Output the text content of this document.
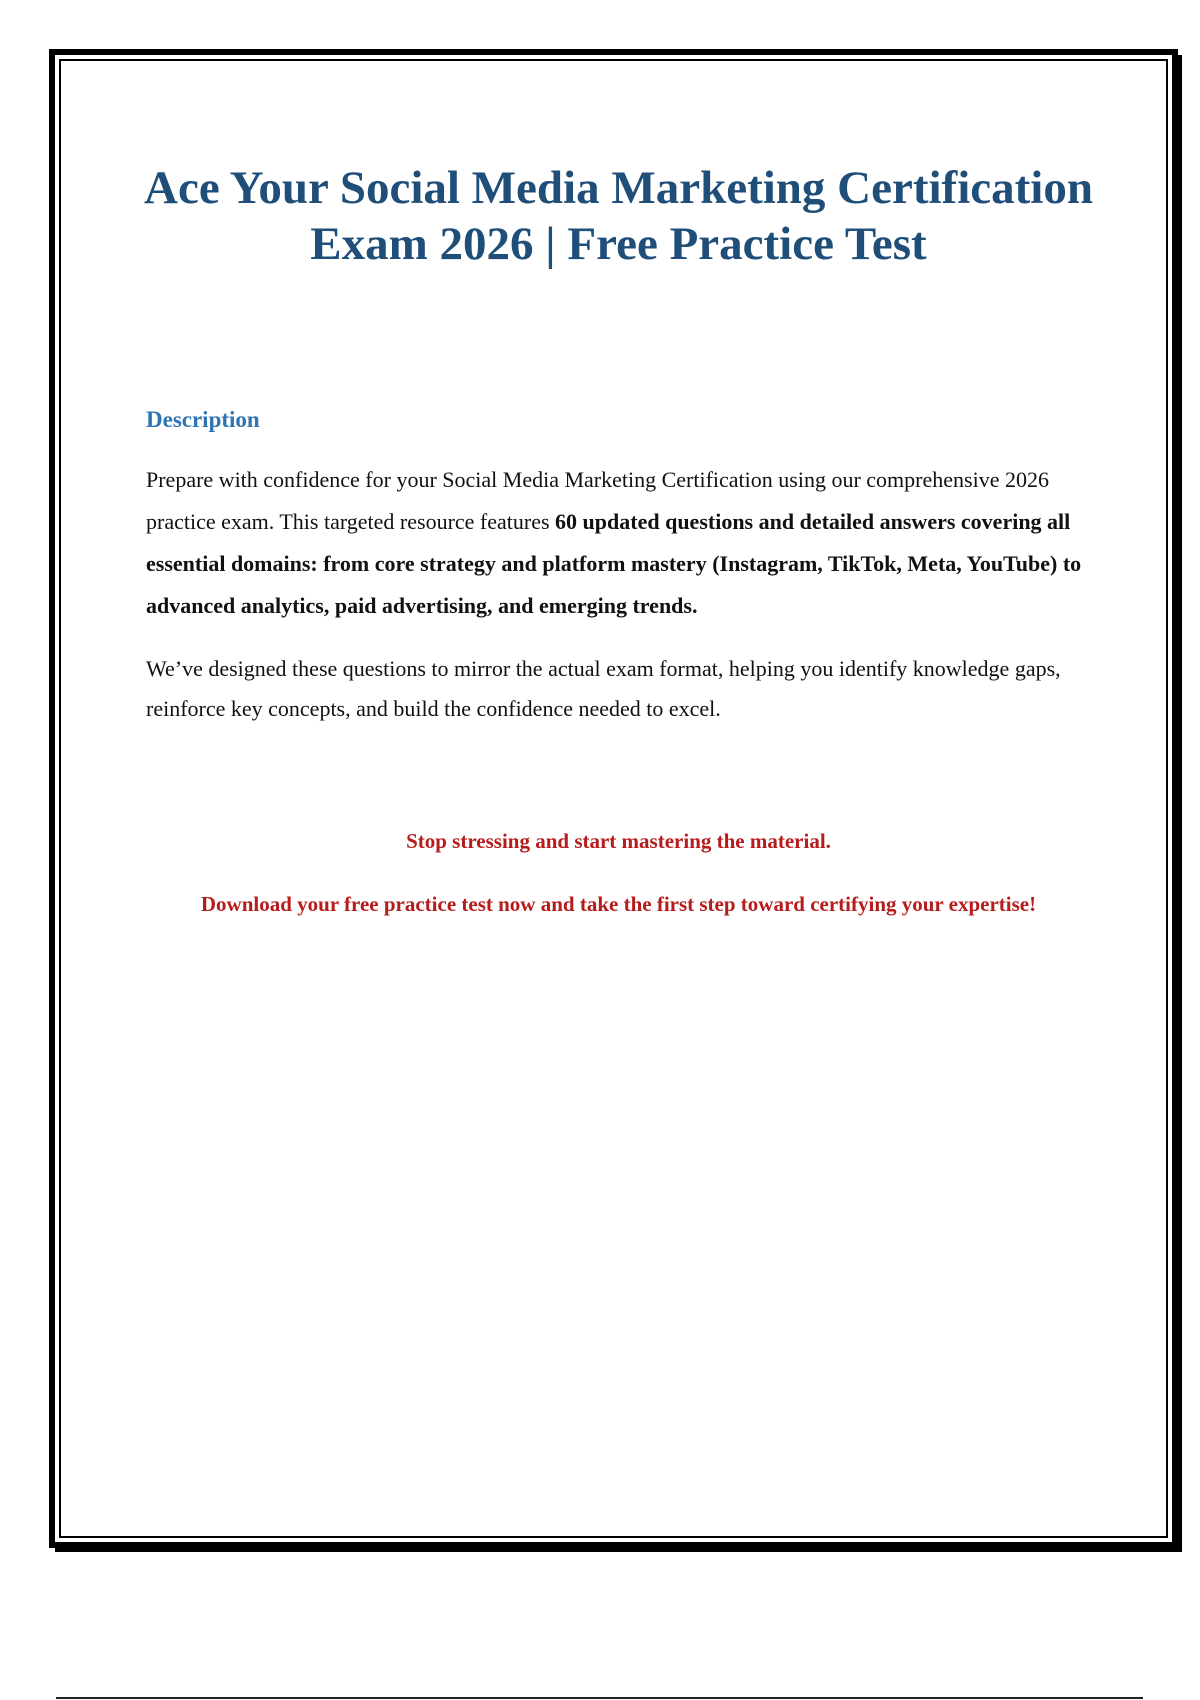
Ace Your Social Media Marketing Certification Exam 2026 | Free Practice Test
Description

Prepare with confidence for your Social Media Marketing Certification using our comprehensive 2026 practice exam. This targeted resource features 60 updated questions and detailed answers covering all essential domains: from core strategy and platform mastery (Instagram, TikTok, Meta, YouTube) to advanced analytics, paid advertising, and emerging trends.

We’ve designed these questions to mirror the actual exam format, helping you identify knowledge gaps, reinforce key concepts, and build the confidence needed to excel.

Stop stressing and start mastering the material.
Download your free practice test now and take the first step toward certifying your expertise!
